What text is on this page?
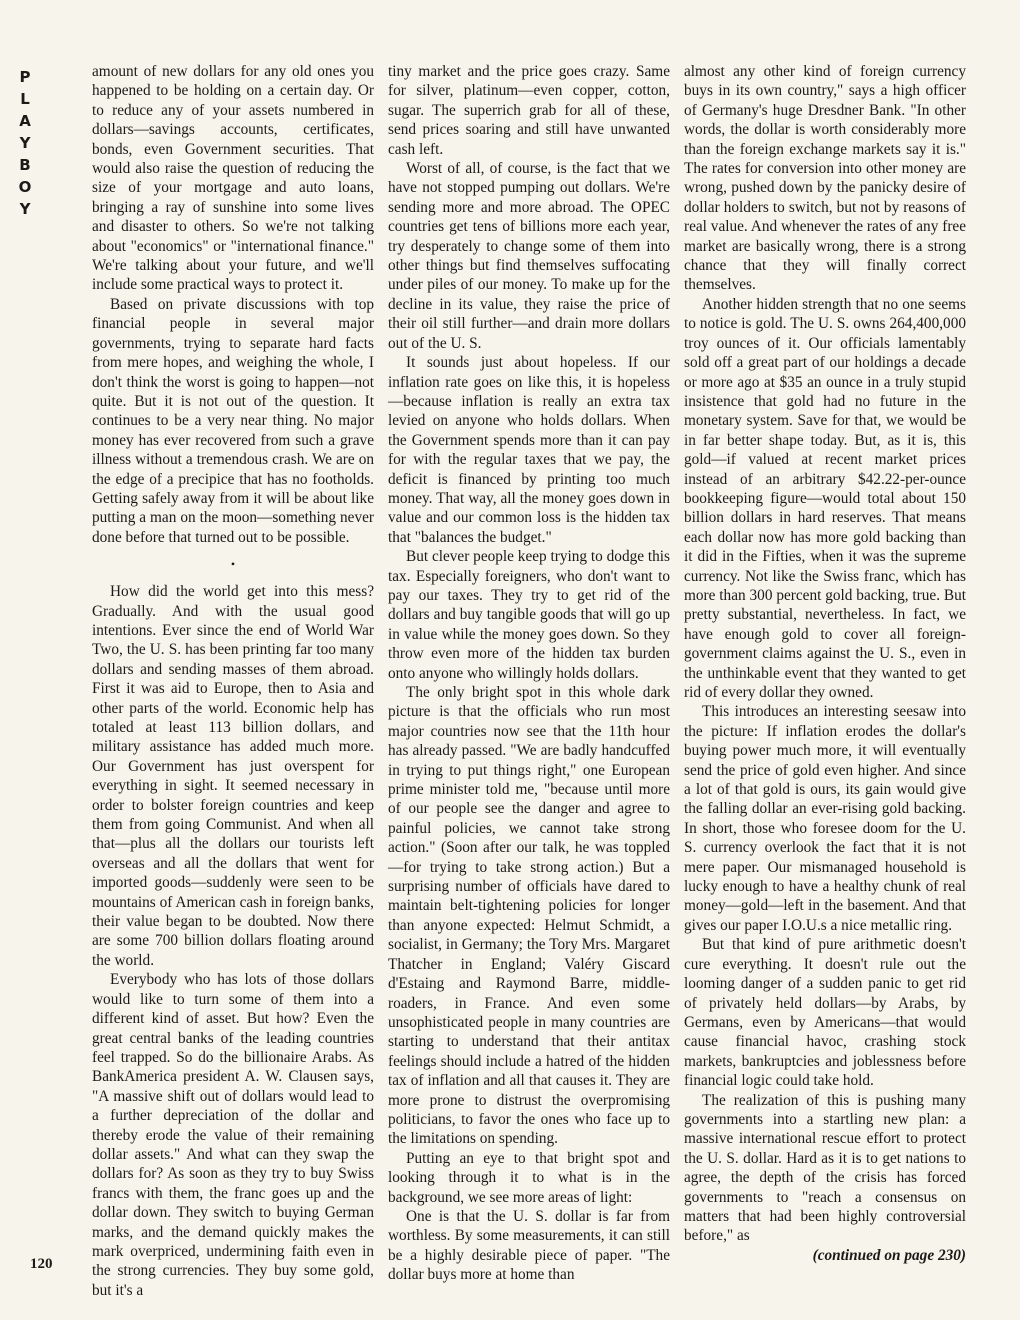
P
L
A
Y
B
O
Y
120

amount of new dollars for any old ones you happened to be holding on a certain day. Or to reduce any of your assets numbered in dollars—savings accounts, certificates, bonds, even Government securities. That would also raise the question of reducing the size of your mortgage and auto loans, bringing a ray of sunshine into some lives and disaster to others. So we're not talking about "economics" or "international finance." We're talking about your future, and we'll include some practical ways to protect it.

Based on private discussions with top financial people in several major governments, trying to separate hard facts from mere hopes, and weighing the whole, I don't think the worst is going to happen—not quite. But it is not out of the question. It continues to be a very near thing. No major money has ever recovered from such a grave illness without a tremendous crash. We are on the edge of a precipice that has no footholds. Getting safely away from it will be about like putting a man on the moon—something never done before that turned out to be possible.

•

How did the world get into this mess? Gradually. And with the usual good intentions. Ever since the end of World War Two, the U. S. has been printing far too many dollars and sending masses of them abroad. First it was aid to Europe, then to Asia and other parts of the world. Economic help has totaled at least 113 billion dollars, and military assistance has added much more. Our Government has just overspent for everything in sight. It seemed necessary in order to bolster foreign countries and keep them from going Communist. And when all that—plus all the dollars our tourists left overseas and all the dollars that went for imported goods—suddenly were seen to be mountains of American cash in foreign banks, their value began to be doubted. Now there are some 700 billion dollars floating around the world.

Everybody who has lots of those dollars would like to turn some of them into a different kind of asset. But how? Even the great central banks of the leading countries feel trapped. So do the billionaire Arabs. As BankAmerica president A. W. Clausen says, "A massive shift out of dollars would lead to a further depreciation of the dollar and thereby erode the value of their remaining dollar assets." And what can they swap the dollars for? As soon as they try to buy Swiss francs with them, the franc goes up and the dollar down. They switch to buying German marks, and the demand quickly makes the mark overpriced, undermining faith even in the strong currencies. They buy some gold, but it's a

tiny market and the price goes crazy. Same for silver, platinum—even copper, cotton, sugar. The superrich grab for all of these, send prices soaring and still have unwanted cash left.

Worst of all, of course, is the fact that we have not stopped pumping out dollars. We're sending more and more abroad. The OPEC countries get tens of billions more each year, try desperately to change some of them into other things but find themselves suffocating under piles of our money. To make up for the decline in its value, they raise the price of their oil still further—and drain more dollars out of the U. S.

It sounds just about hopeless. If our inflation rate goes on like this, it is hopeless—because inflation is really an extra tax levied on anyone who holds dollars. When the Government spends more than it can pay for with the regular taxes that we pay, the deficit is financed by printing too much money. That way, all the money goes down in value and our common loss is the hidden tax that "balances the budget."

But clever people keep trying to dodge this tax. Especially foreigners, who don't want to pay our taxes. They try to get rid of the dollars and buy tangible goods that will go up in value while the money goes down. So they throw even more of the hidden tax burden onto anyone who willingly holds dollars.

The only bright spot in this whole dark picture is that the officials who run most major countries now see that the 11th hour has already passed. "We are badly handcuffed in trying to put things right," one European prime minister told me, "because until more of our people see the danger and agree to painful policies, we cannot take strong action." (Soon after our talk, he was toppled—for trying to take strong action.) But a surprising number of officials have dared to maintain belt-tightening policies for longer than anyone expected: Helmut Schmidt, a socialist, in Germany; the Tory Mrs. Margaret Thatcher in England; Valéry Giscard d'Estaing and Raymond Barre, middle-roaders, in France. And even some unsophisticated people in many countries are starting to understand that their antitax feelings should include a hatred of the hidden tax of inflation and all that causes it. They are more prone to distrust the overpromising politicians, to favor the ones who face up to the limitations on spending.

Putting an eye to that bright spot and looking through it to what is in the background, we see more areas of light:

One is that the U. S. dollar is far from worthless. By some measurements, it can still be a highly desirable piece of paper. "The dollar buys more at home than

almost any other kind of foreign currency buys in its own country," says a high officer of Germany's huge Dresdner Bank. "In other words, the dollar is worth considerably more than the foreign exchange markets say it is." The rates for conversion into other money are wrong, pushed down by the panicky desire of dollar holders to switch, but not by reasons of real value. And whenever the rates of any free market are basically wrong, there is a strong chance that they will finally correct themselves.

Another hidden strength that no one seems to notice is gold. The U. S. owns 264,400,000 troy ounces of it. Our officials lamentably sold off a great part of our holdings a decade or more ago at $35 an ounce in a truly stupid insistence that gold had no future in the monetary system. Save for that, we would be in far better shape today. But, as it is, this gold—if valued at recent market prices instead of an arbitrary $42.22-per-ounce bookkeeping figure—would total about 150 billion dollars in hard reserves. That means each dollar now has more gold backing than it did in the Fifties, when it was the supreme currency. Not like the Swiss franc, which has more than 300 percent gold backing, true. But pretty substantial, nevertheless. In fact, we have enough gold to cover all foreign-government claims against the U. S., even in the unthinkable event that they wanted to get rid of every dollar they owned.

This introduces an interesting seesaw into the picture: If inflation erodes the dollar's buying power much more, it will eventually send the price of gold even higher. And since a lot of that gold is ours, its gain would give the falling dollar an ever-rising gold backing. In short, those who foresee doom for the U. S. currency overlook the fact that it is not mere paper. Our mismanaged household is lucky enough to have a healthy chunk of real money—gold—left in the basement. And that gives our paper I.O.U.s a nice metallic ring.

But that kind of pure arithmetic doesn't cure everything. It doesn't rule out the looming danger of a sudden panic to get rid of privately held dollars—by Arabs, by Germans, even by Americans—that would cause financial havoc, crashing stock markets, bankruptcies and joblessness before financial logic could take hold.

The realization of this is pushing many governments into a startling new plan: a massive international rescue effort to protect the U. S. dollar. Hard as it is to get nations to agree, the depth of the crisis has forced governments to "reach a consensus on matters that had been highly controversial before," as

(continued on page 230)
